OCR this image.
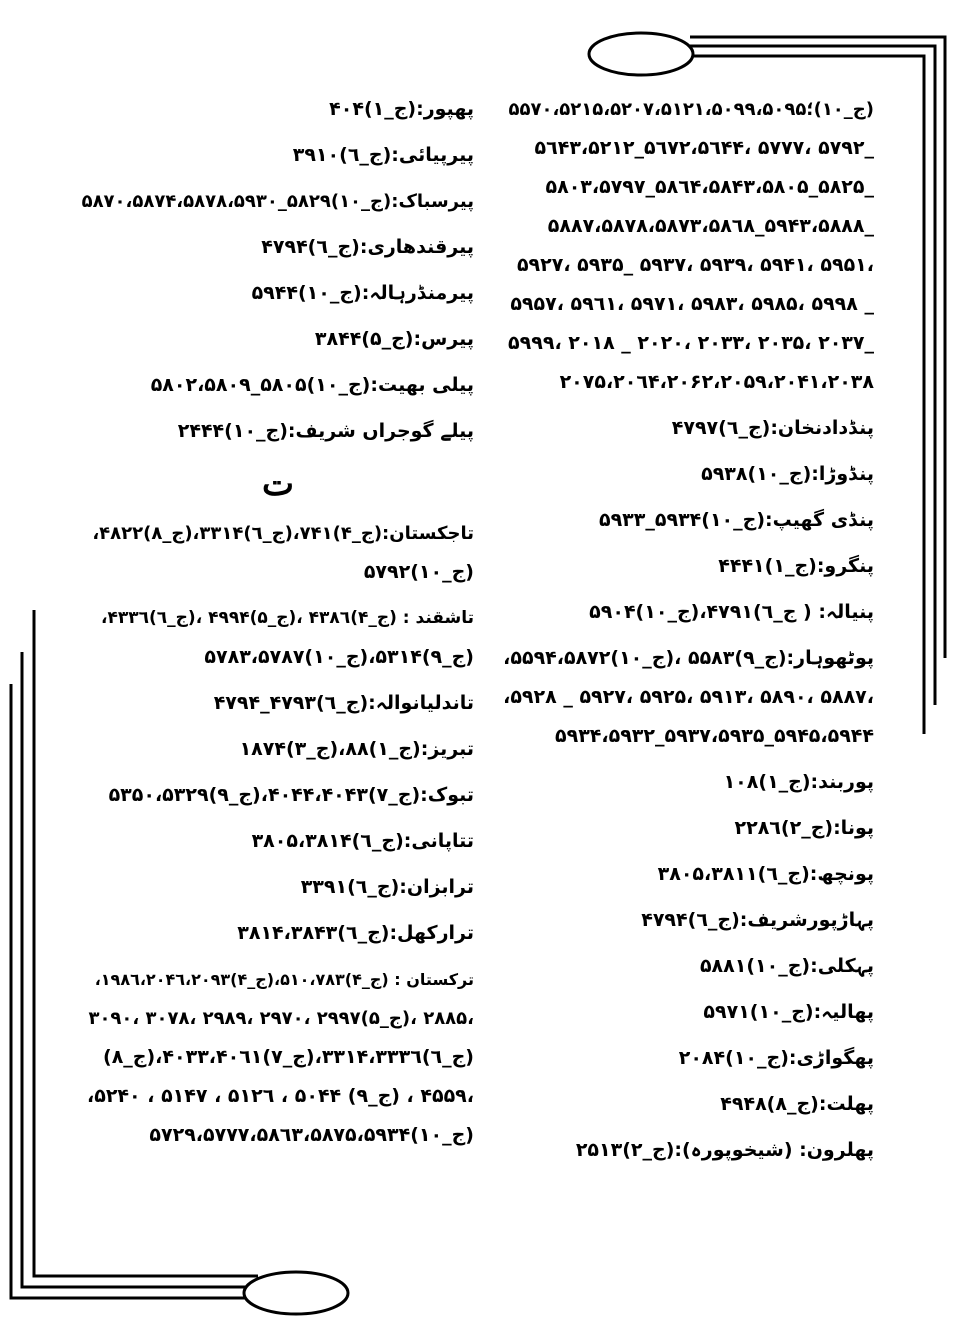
(ج_۱۰)؛۵۵۷۰،۵۲۱۵،۵۲۰۷،۵۱۲۱،۵۰۹۹،۵۰۹۵
_۵۷۹۲ ،۵۷۷۷ ،۵٦۷۲،۵٦۴۴_۵٦۴۳،۵۲۱۲
_۵۸۲۵_۵۸٦۴،۵۸۴۳،۵۸۰۵_۵۸۰۳،۵۷۹۷
_۵۹۴۳،۵۸۸۸_۵۸۸۷،۵۸۷۸،۵۸۷۳،۵۸٦۸
،۵۹۵۱ ،۵۹۴۱ ،۵۹۳۹ ،۵۹۳۷ _۵۹۳۵ ،۵۹۲۷
_ ۵۹۹۸ ،۵۹۸۵ ،۵۹۸۳ ،۵۹۷۱ ،۵۹٦۱ ،۵۹۵۷
_۲۰۳۷ ،۲۰۳۵ ،۲۰۳۳ ،۲۰۲۰ _ ۲۰۱۸ ،۵۹۹۹
۲۰۷۵،۲۰٦۴،۲۰۶۲،۲۰۵۹،۲۰۴۱،۲۰۳۸
پنڈدادنخان:(ج_٦)۴۷۹۷
پنڈوڑا:(ج_۱۰)۵۹۳۸
پنڈی گھیپ:(ج_۱۰)۵۹۳۴_۵۹۳۳
پنگرو:(ج_۱)۴۴۴۱
پنیالہ: ( ج_٦)۴۷۹۱،(ج_۱۰)۵۹۰۴
پوٹھوہار:(ج_۹)۵۵۸۳ ،(ج_۱۰)۵۵۹۴،۵۸۷۲،
،۵۸۸۷ ،۵۸۹۰ ،۵۹۱۳ ،۵۹۲۵ ،۵۹۲۷ _ ۵۹۲۸،
۵۹۴۵،۵۹۴۴_۵۹۳۷،۵۹۳۵_۵۹۳۴،۵۹۳۲
پوربند:(ج_۱)۱۰۸
پونا:(ج_۲)۲۲۸٦
پونچھ:(ج_٦)۳۸۰۵،۳۸۱۱
پہاڑپورشریف:(ج_٦)۴۷۹۴
پہکلی:(ج_۱۰)۵۸۸۱
پھالیہ:(ج_۱۰)۵۹۷۱
پھگواڑی:(ج_۱۰)۲۰۸۴
پھلت:(ج_۸)۴۹۴۸
پھلرون: (شیخوپورہ):(ج_۲)۲۵۱۳
پھپور:(ج_۱)۴۰۴
پیرپیائی:(ج_٦)۳۹۱۰
پیرسباک:(ج_۱۰)۵۸۲۹_۵۸۷۰،۵۸۷۴،۵۸۷۸،۵۹۳۰
پیرقندھاری:(ج_٦)۴۷۹۴
پیرمنڈرہالہ:(ج_۱۰)۵۹۴۴
پیرس:(ج_۵)۳۸۴۴
پیلی بھیت:(ج_۱۰)۵۸۰۵_۵۸۰۲،۵۸۰۹
پیلے گوجراں شریف:(ج_۱۰)۲۴۴۴
ت
تاجکستان:(ج_۴)۷۴۱،(ج_٦)۳۳۱۴،(ج_۸)۴۸۲۲،
(ج_۱۰)۵۷۹۲
تاشقند : (ج_۴)۴۳۸٦ ،(ج_۵)۴۹۹۴ ،(ج_٦)۴۳۳٦،
(ج_۹)۵۳۱۴،(ج_۱۰)۵۷۸۳،۵۷۸۷
تاندلیانوالہ:(ج_٦)۴۷۹۳_۴۷۹۴
تبریز:(ج_۱)۸۸،(ج_۳)۱۸۷۴
تبوک:(ج_۷)۴۰۴۴،۴۰۴۳،(ج_۹)۵۳۵۰،۵۳۲۹
تتاپانی:(ج_٦)۳۸۰۵،۳۸۱۴
ترابزان:(ج_٦)۳۳۹۱
ترارکھل:(ج_٦)۳۸۱۴،۳۸۴۳
ترکستان : (ج_۴)۵۱۰،۷۸۳،(ج_۴)۱۹۸٦،۲۰۴٦،۲۰۹۳،
،۲۸۸۵ ،(ج_۵)۲۹۹۷ ،۲۹۷۰ ،۲۹۸۹ ،۳۰۷۸ ،۳۰۹۰
(ج_٦)۳۳۱۴،۳۳۳٦،(ج_۷)۴۰۳۳،۴۰٦۱،(ج_۸)
،۴۵۵۹ ، (ج_۹) ۵۰۴۴ ، ۵۱۲٦ ، ۵۱۴۷ ، ۵۲۴۰،
(ج_۱۰)۵۷۲۹،۵۷۷۷،۵۸٦۳،۵۸۷۵،۵۹۳۴
